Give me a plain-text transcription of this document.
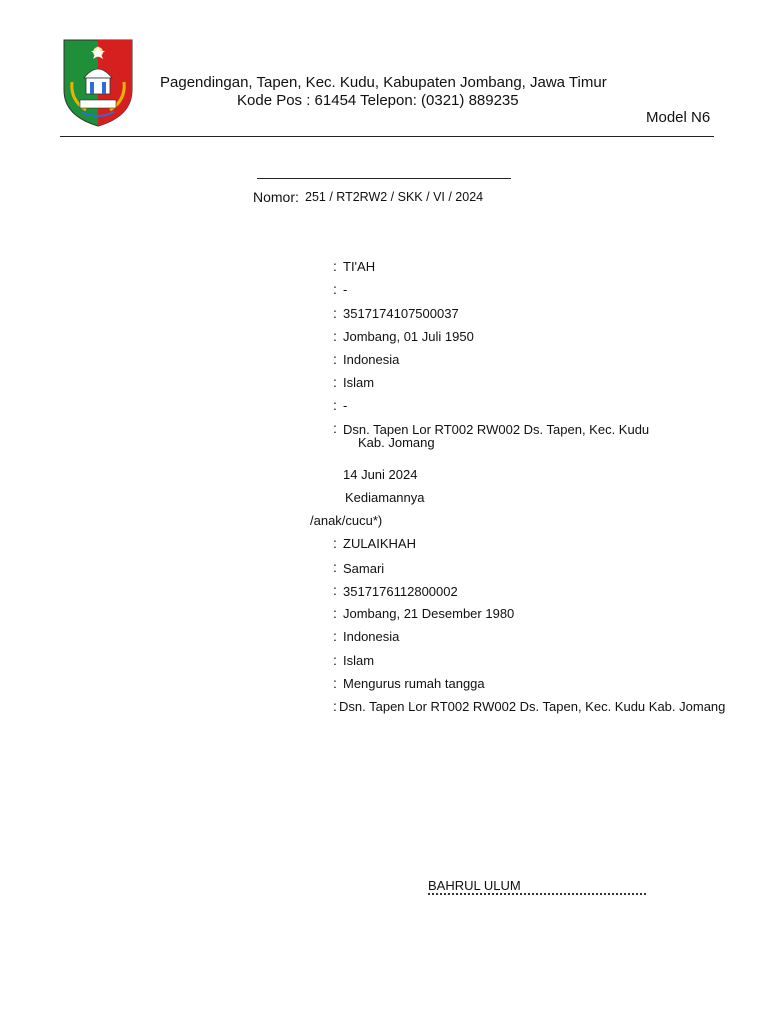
Pagendingan, Tapen, Kec. Kudu, Kabupaten Jombang, Jawa Timur
Kode Pos : 61454 Telepon: (0321) 889235
Model N6
Nomor: 251 / RT2RW2 / SKK / VI / 2024
: TI'AH
: -
: 3517174107500037
: Jombang, 01 Juli 1950
: Indonesia
: Islam
: -
: Dsn. Tapen Lor RT002 RW002 Ds. Tapen, Kec. Kudu
Kab. Jomang
14 Juni 2024
Kediamannya
/anak/cucu*)
: ZULAIKHAH
: Samari
: 3517176112800002
: Jombang, 21 Desember 1980
: Indonesia
: Islam
: Mengurus rumah tangga
: Dsn. Tapen Lor RT002 RW002 Ds. Tapen, Kec. Kudu Kab. Jomang
BAHRUL ULUM
